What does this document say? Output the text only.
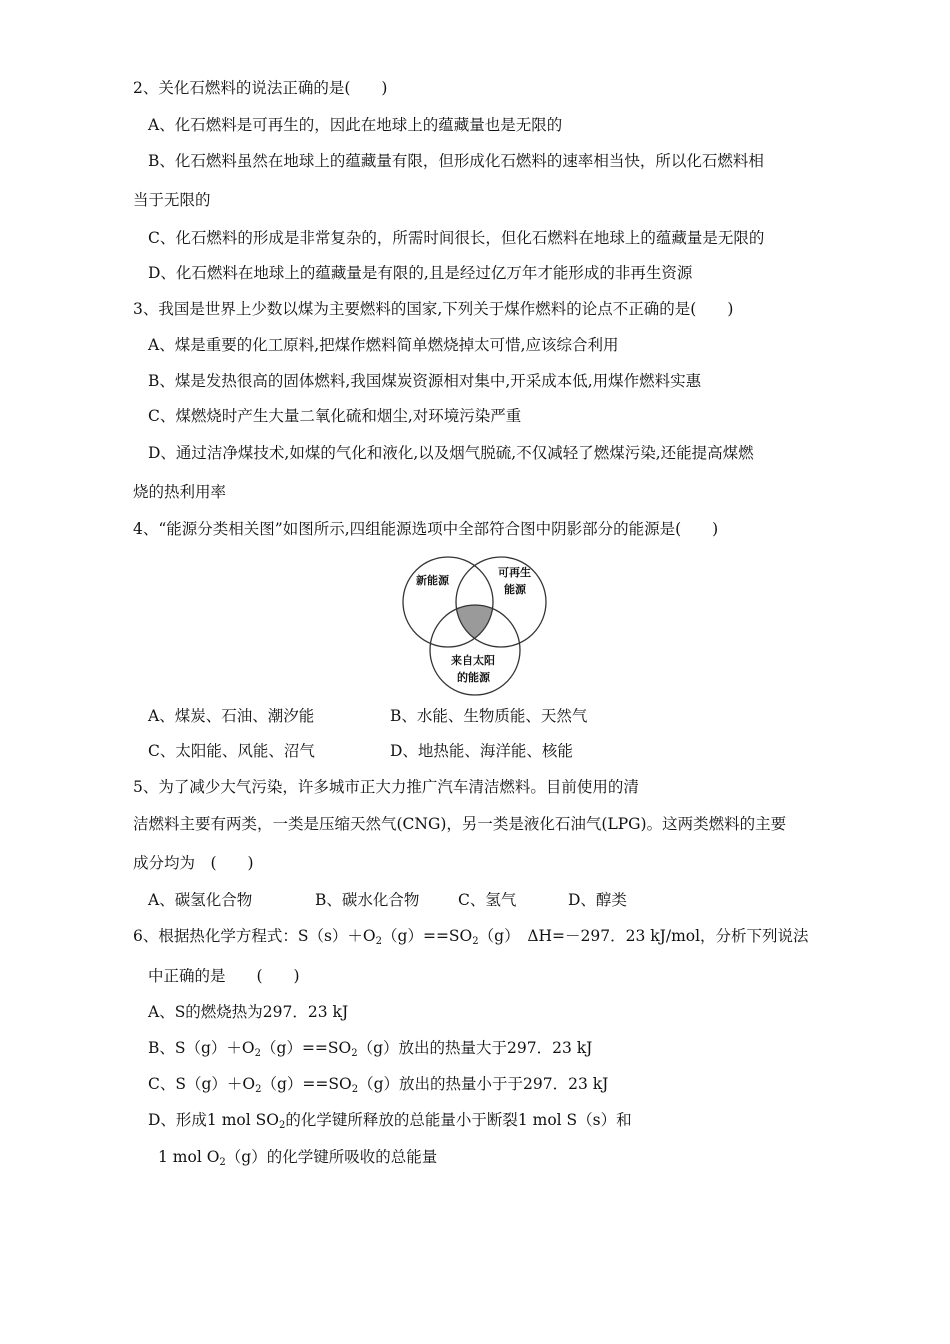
2、关化石燃料的说法正确的是(　　)
A、化石燃料是可再生的，因此在地球上的蕴藏量也是无限的
B、化石燃料虽然在地球上的蕴藏量有限，但形成化石燃料的速率相当快，所以化石燃料相
当于无限的
C、化石燃料的形成是非常复杂的，所需时间很长，但化石燃料在地球上的蕴藏量是无限的
D、化石燃料在地球上的蕴藏量是有限的,且是经过亿万年才能形成的非再生资源
3、我国是世界上少数以煤为主要燃料的国家,下列关于煤作燃料的论点不正确的是(　　)
A、煤是重要的化工原料,把煤作燃料简单燃烧掉太可惜,应该综合利用
B、煤是发热很高的固体燃料,我国煤炭资源相对集中,开采成本低,用煤作燃料实惠
C、煤燃烧时产生大量二氧化硫和烟尘,对环境污染严重
D、通过洁净煤技术,如煤的气化和液化,以及烟气脱硫,不仅减轻了燃煤污染,还能提高煤燃
烧的热利用率
4、“能源分类相关图”如图所示,四组能源选项中全部符合图中阴影部分的能源是(　　)
新能源
可再生
能源
来自太阳
的能源
A、煤炭、石油、潮汐能	B、水能、生物质能、天然气
C、太阳能、风能、沼气	D、地热能、海洋能、核能
5、为了减少大气污染，许多城市正大力推广汽车清洁燃料。目前使用的清
洁燃料主要有两类，一类是压缩天然气(CNG)，另一类是液化石油气(LPG)。这两类燃料的主要
成分均为　(　　)
A、碳氢化合物	B、碳水化合物 C、氢气	D、醇类
6、根据热化学方程式：$S(s)+O_2(g)==SO_2(g)$　ΔH=－297．23 kJ/mol，分析下列说法
中正确的是　　(　　)
A、S的燃烧热为297．23 kJ
B、$S(g)+O_2(g)==SO_2(g)$放出的热量大于297．23 kJ
C、$S(g)+O_2(g)==SO_2(g)$放出的热量小于于297．23 kJ
D、形成1 mol $SO_2$的化学键所释放的总能量小于断裂1 mol S（s）和
1 mol $O_2(g)$的化学键所吸收的总能量
